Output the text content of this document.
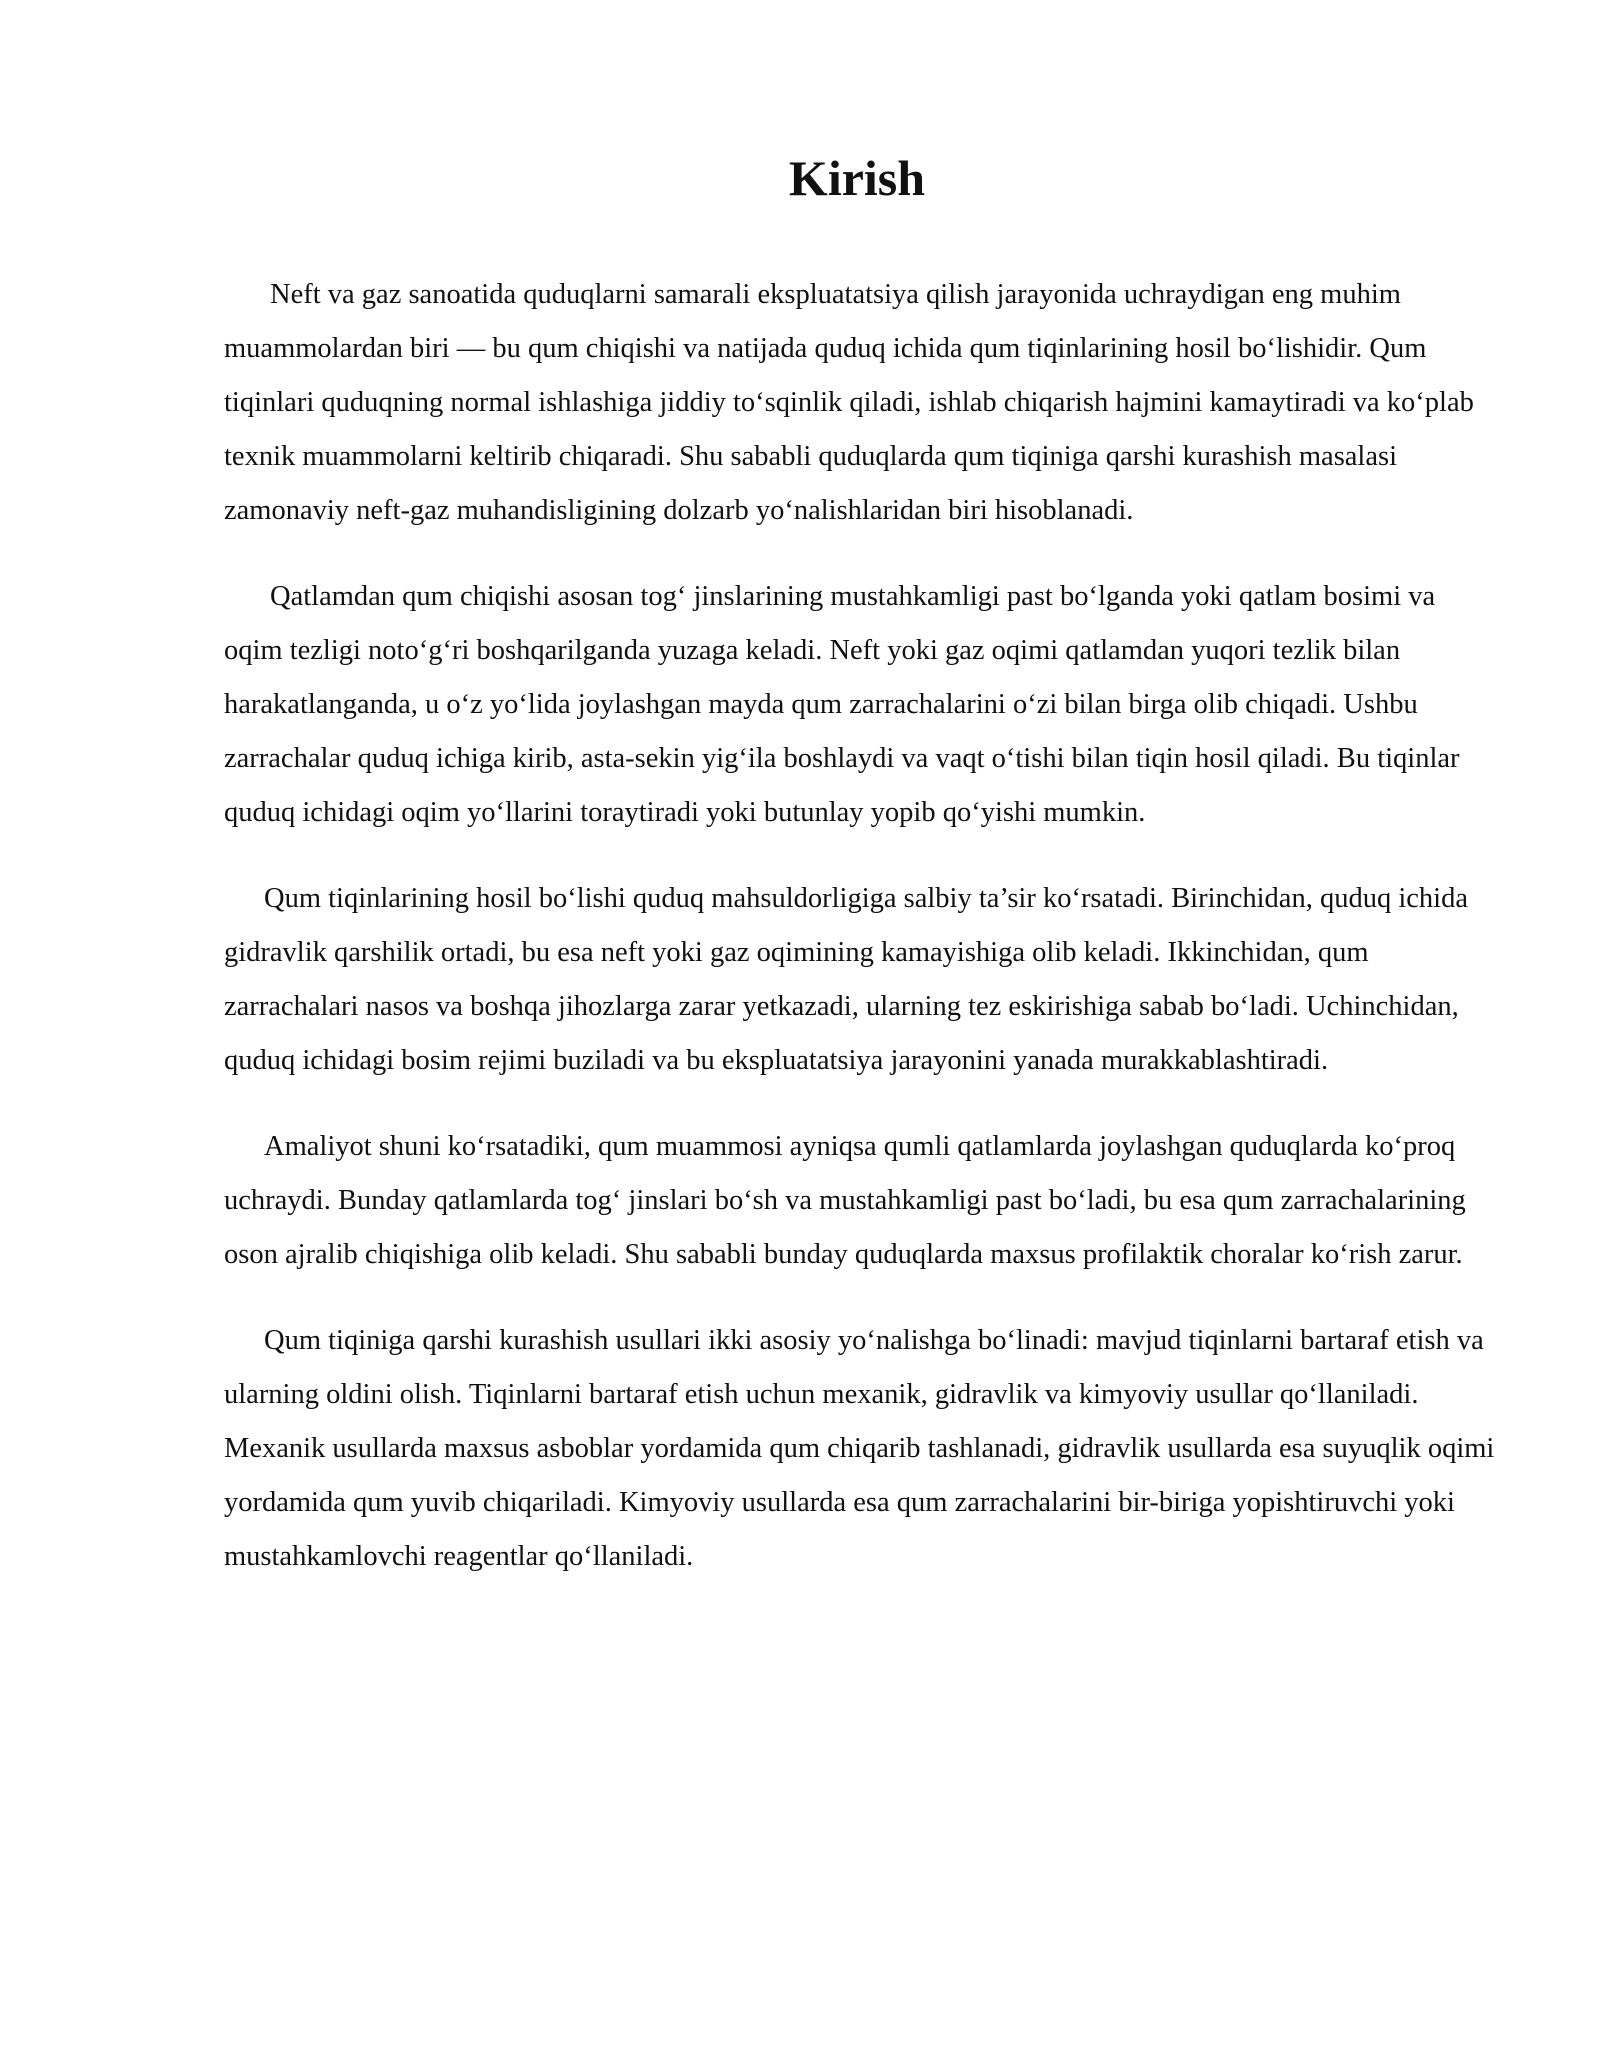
Kirish

Neft va gaz sanoatida quduqlarni samarali ekspluatatsiya qilish jarayonida uchraydigan eng muhim muammolardan biri — bu qum chiqishi va natijada quduq ichida qum tiqinlarining hosil bo‘lishidir. Qum tiqinlari quduqning normal ishlashiga jiddiy to‘sqinlik qiladi, ishlab chiqarish hajmini kamaytiradi va ko‘plab texnik muammolarni keltirib chiqaradi. Shu sababli quduqlarda qum tiqiniga qarshi kurashish masalasi zamonaviy neft-gaz muhandisligining dolzarb yo‘nalishlaridan biri hisoblanadi.

Qatlamdan qum chiqishi asosan tog‘ jinslarining mustahkamligi past bo‘lganda yoki qatlam bosimi va oqim tezligi noto‘g‘ri boshqarilganda yuzaga keladi. Neft yoki gaz oqimi qatlamdan yuqori tezlik bilan harakatlanganda, u o‘z yo‘lida joylashgan mayda qum zarrachalarini o‘zi bilan birga olib chiqadi. Ushbu zarrachalar quduq ichiga kirib, asta-sekin yig‘ila boshlaydi va vaqt o‘tishi bilan tiqin hosil qiladi. Bu tiqinlar quduq ichidagi oqim yo‘llarini toraytiradi yoki butunlay yopib qo‘yishi mumkin.

Qum tiqinlarining hosil bo‘lishi quduq mahsuldorligiga salbiy ta’sir ko‘rsatadi. Birinchidan, quduq ichida gidravlik qarshilik ortadi, bu esa neft yoki gaz oqimining kamayishiga olib keladi. Ikkinchidan, qum zarrachalari nasos va boshqa jihozlarga zarar yetkazadi, ularning tez eskirishiga sabab bo‘ladi. Uchinchidan, quduq ichidagi bosim rejimi buziladi va bu ekspluatatsiya jarayonini yanada murakkablashtiradi.

Amaliyot shuni ko‘rsatadiki, qum muammosi ayniqsa qumli qatlamlarda joylashgan quduqlarda ko‘proq uchraydi. Bunday qatlamlarda tog‘ jinslari bo‘sh va mustahkamligi past bo‘ladi, bu esa qum zarrachalarining oson ajralib chiqishiga olib keladi. Shu sababli bunday quduqlarda maxsus profilaktik choralar ko‘rish zarur.

Qum tiqiniga qarshi kurashish usullari ikki asosiy yo‘nalishga bo‘linadi: mavjud tiqinlarni bartaraf etish va ularning oldini olish. Tiqinlarni bartaraf etish uchun mexanik, gidravlik va kimyoviy usullar qo‘llaniladi. Mexanik usullarda maxsus asboblar yordamida qum chiqarib tashlanadi, gidravlik usullarda esa suyuqlik oqimi yordamida qum yuvib chiqariladi. Kimyoviy usullarda esa qum zarrachalarini bir-biriga yopishtiruvchi yoki mustahkamlovchi reagentlar qo‘llaniladi.
